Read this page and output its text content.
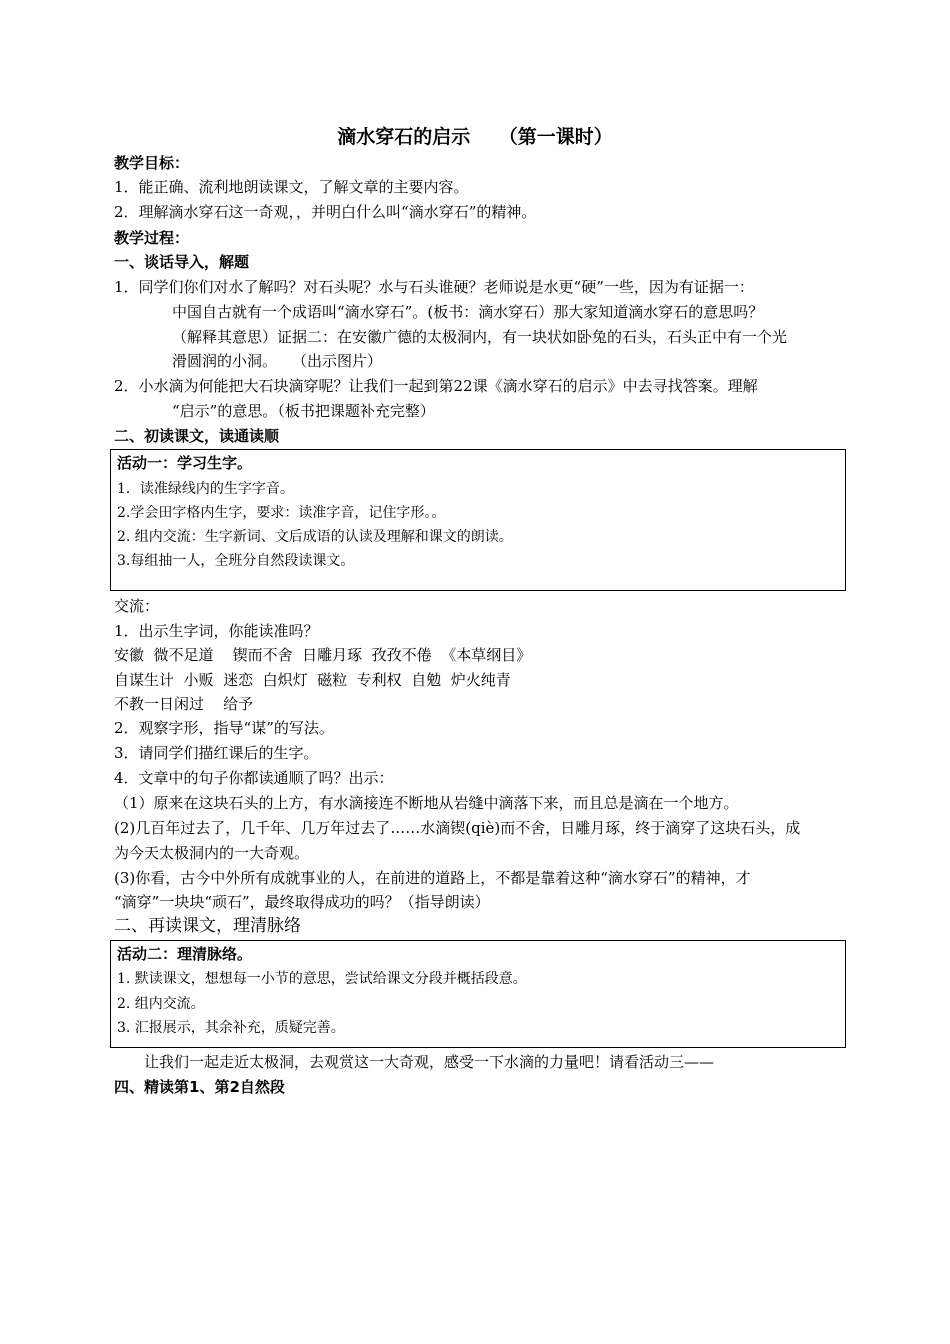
滴水穿石的启示　　（第一课时）
教学目标：
1．能正确、流利地朗读课文，了解文章的主要内容。
2．理解滴水穿石这一奇观，，并明白什么叫“滴水穿石”的精神。
教学过程：
一、谈话导入，解题
1．同学们你们对水了解吗？对石头呢？水与石头谁硬？老师说是水更“硬”一些，因为有证据一：
中国自古就有一个成语叫“滴水穿石”。(板书：滴水穿石）那大家知道滴水穿石的意思吗？
（解释其意思）证据二：在安徽广德的太极洞内，有一块状如卧兔的石头，石头正中有一个光
滑圆润的小洞。　　（出示图片）
2．小水滴为何能把大石块滴穿呢？让我们一起到第22课《滴水穿石的启示》中去寻找答案。理解
“启示”的意思。（板书把课题补充完整）
二、初读课文，读通读顺
活动一：学习生字。
1．读准绿线内的生字字音。
2.学会田字格内生字，要求：读准字音，记住字形。。
2. 组内交流：生字新词、文后成语的认读及理解和课文的朗读。
3.每组抽一人，全班分自然段读课文。
交流：
1．出示生字词，你能读准吗？
安徽  微不足道    锲而不舍  日雕月琢  孜孜不倦  《本草纲目》
自谋生计  小贩  迷恋  白炽灯  磁粒  专利权  自勉  炉火纯青
不教一日闲过    给予
2．观察字形，指导“谋”的写法。
3．请同学们描红课后的生字。
4．文章中的句子你都读通顺了吗？出示：
（1）原来在这块石头的上方，有水滴接连不断地从岩缝中滴落下来，而且总是滴在一个地方。
(2)几百年过去了，几千年、几万年过去了……水滴锲(qiè)而不舍，日雕月琢，终于滴穿了这块石头，成
为今天太极洞内的一大奇观。
(3)你看，古今中外所有成就事业的人，在前进的道路上，不都是靠着这种“滴水穿石”的精神，才
“滴穿”一块块“顽石”，最终取得成功的吗？（指导朗读）
二、再读课文，理清脉络
活动二：理清脉络。
1. 默读课文，想想每一小节的意思，尝试给课文分段并概括段意。
2. 组内交流。
3. 汇报展示，其余补充，质疑完善。
让我们一起走近太极洞，去观赏这一大奇观，感受一下水滴的力量吧！请看活动三——
四、精读第1、第2自然段
